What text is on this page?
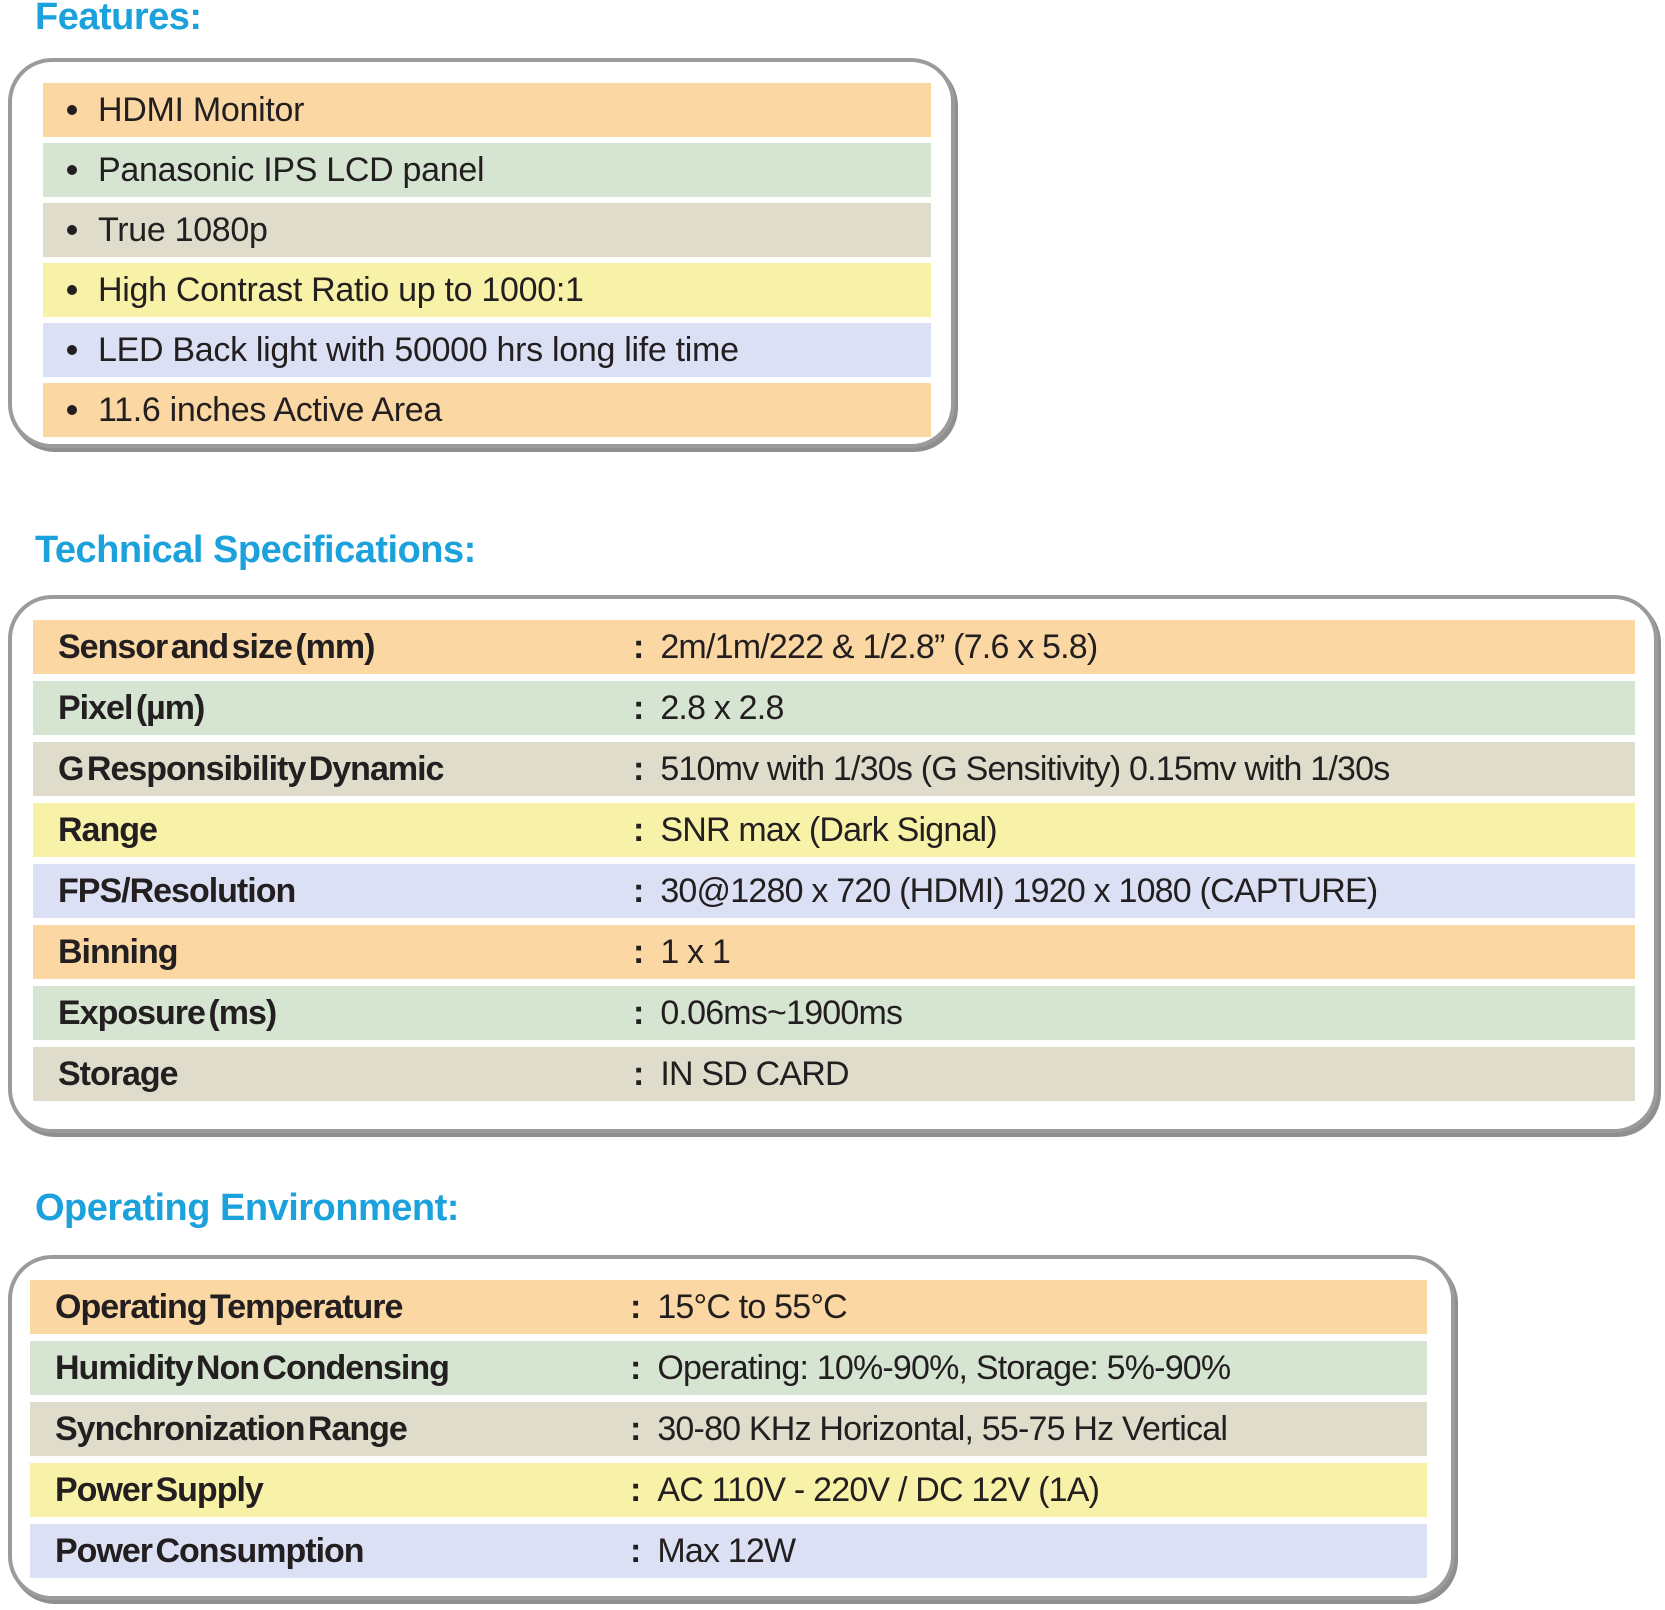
Features:
HDMI Monitor
Panasonic IPS LCD panel
True 1080p
High Contrast Ratio up to 1000:1
LED Back light with 50000 hrs long life time
11.6 inches Active Area
Technical Specifications:
Sensor and size (mm)	: 2m/1m/222 & 1/2.8” (7.6 x 5.8)
Pixel (µm)	: 2.8 x 2.8
G Responsibility Dynamic	: 510mv with 1/30s (G Sensitivity) 0.15mv with 1/30s
Range	: SNR max (Dark Signal)
FPS/Resolution	: 30@1280 x 720 (HDMI) 1920 x 1080 (CAPTURE)
Binning	: 1 x 1
Exposure (ms)	: 0.06ms~1900ms
Storage	: IN SD CARD
Operating Environment:
Operating Temperature	: 15°C to 55°C
Humidity Non Condensing	: Operating: 10%-90%, Storage: 5%-90%
Synchronization Range	: 30-80 KHz Horizontal, 55-75 Hz Vertical
Power Supply	: AC 110V - 220V / DC 12V (1A)
Power Consumption	: Max 12W
